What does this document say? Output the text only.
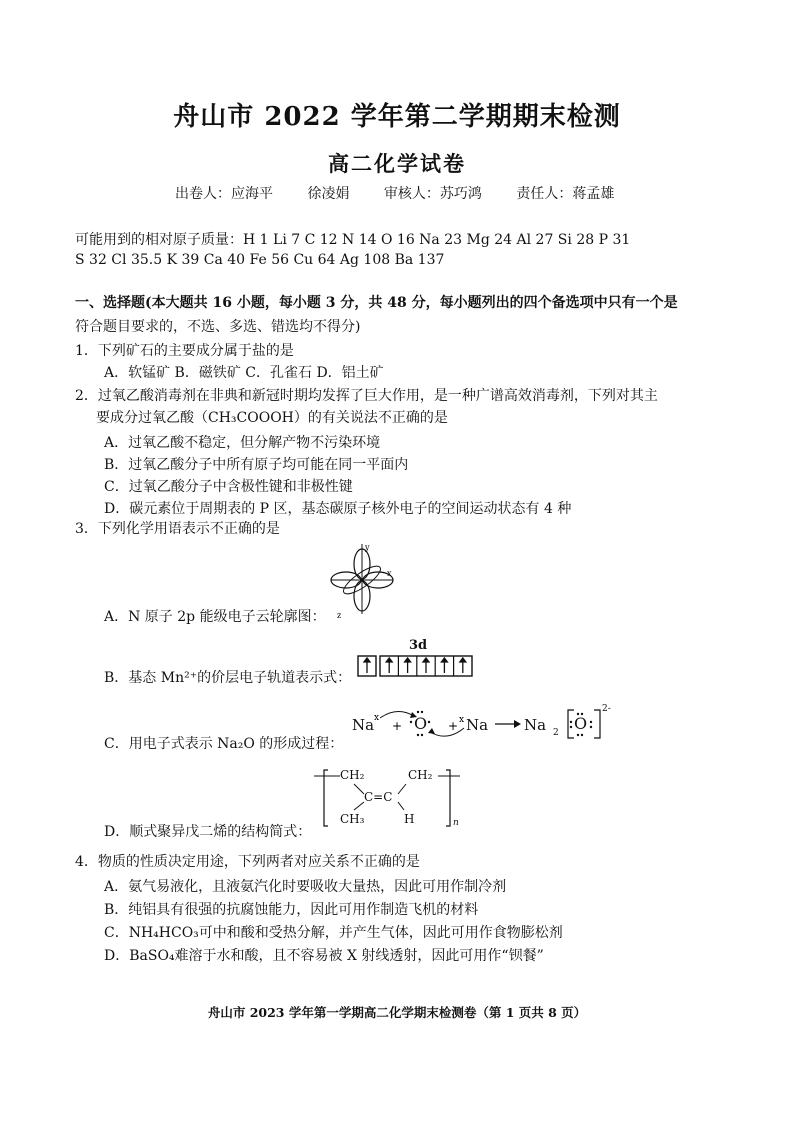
舟山市 2022 学年第二学期期末检测
高二化学试卷
出卷人：应海平 徐凌娟 审核人：苏巧鸿 责任人：蒋孟雄
可能用到的相对原子质量：H 1 Li 7 C 12 N 14 O 16 Na 23 Mg 24 Al 27 Si 28 P 31
S 32 Cl 35.5 K 39 Ca 40 Fe 56 Cu 64 Ag 108 Ba 137
一、选择题(本大题共 16 小题，每小题 3 分，共 48 分，每小题列出的四个备选项中只有一个是
符合题目要求的，不选、多选、错选均不得分)
1．下列矿石的主要成分属于盐的是
A．软锰矿 B．磁铁矿 C．孔雀石 D．铝土矿
2．过氧乙酸消毒剂在非典和新冠时期均发挥了巨大作用，是一种广谱高效消毒剂，下列对其主
要成分过氧乙酸（CH₃COOOH）的有关说法不正确的是
A．过氧乙酸不稳定，但分解产物不污染环境
B．过氧乙酸分子中所有原子均可能在同一平面内
C．过氧乙酸分子中含极性键和非极性键
D．碳元素位于周期表的 P 区，基态碳原子核外电子的空间运动状态有 4 种
3．下列化学用语表示不正确的是
y
x
z
A．N 原子 2p 能级电子云轮廓图：
3d
B．基态 Mn²⁺的价层电子轨道表示式：
x
+	+ x
Na O	Na Na 2 O
2-
C．用电子式表示 Na₂O 的形成过程：
CH₂	CH₂
C=C
CH₃	H	n
D．顺式聚异戊二烯的结构简式：
4．物质的性质决定用途，下列两者对应关系不正确的是
A．氨气易液化，且液氨汽化时要吸收大量热，因此可用作制冷剂
B．纯铝具有很强的抗腐蚀能力，因此可用作制造飞机的材料
C．NH₄HCO₃可中和酸和受热分解，并产生气体，因此可用作食物膨松剂
D．BaSO₄难溶于水和酸，且不容易被 X 射线透射，因此可用作“钡餐”
舟山市 2023 学年第一学期高二化学期末检测卷（第 1 页共 8 页）
